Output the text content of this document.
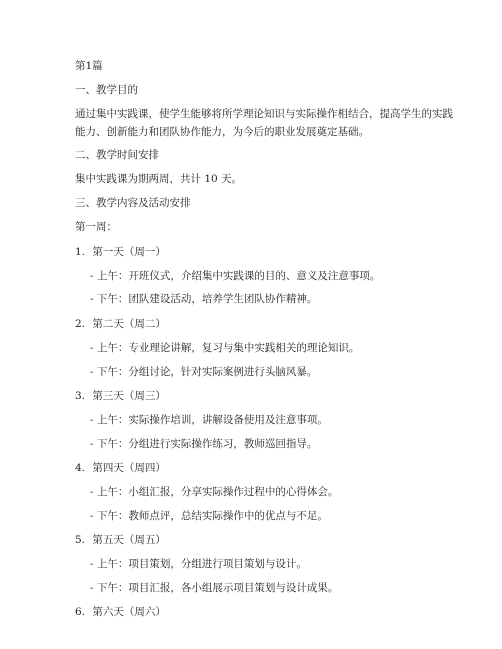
第1篇
一、教学目的
通过集中实践课，使学生能够将所学理论知识与实际操作相结合，提高学生的实践
能力、创新能力和团队协作能力，为今后的职业发展奠定基础。
二、教学时间安排
集中实践课为期两周，共计 10 天。
三、教学内容及活动安排
第一周：
1. 第一天（周一）
- 上午：开班仪式，介绍集中实践课的目的、意义及注意事项。
- 下午：团队建设活动，培养学生团队协作精神。
2. 第二天（周二）
- 上午：专业理论讲解，复习与集中实践相关的理论知识。
- 下午：分组讨论，针对实际案例进行头脑风暴。
3. 第三天（周三）
- 上午：实际操作培训，讲解设备使用及注意事项。
- 下午：分组进行实际操作练习，教师巡回指导。
4. 第四天（周四）
- 上午：小组汇报，分享实际操作过程中的心得体会。
- 下午：教师点评，总结实际操作中的优点与不足。
5. 第五天（周五）
- 上午：项目策划，分组进行项目策划与设计。
- 下午：项目汇报，各小组展示项目策划与设计成果。
6. 第六天（周六）
